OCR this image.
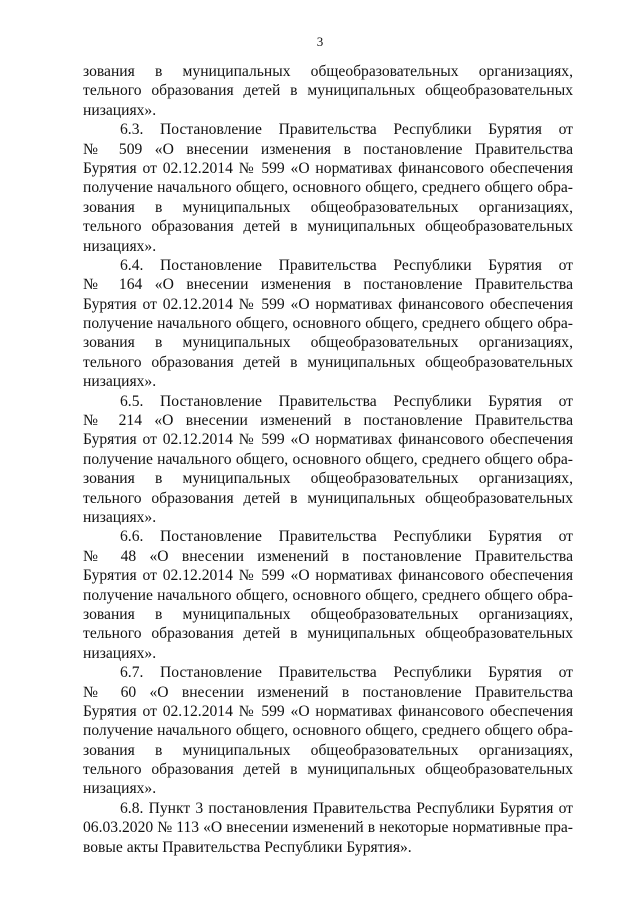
3
зования в муниципальных общеобразовательных организациях,
тельного образования детей в муниципальных общеобразовательных
низациях».
6.3. Постановление Правительства Республики Бурятия от
№ 509 «О внесении изменения в постановление Правительства
Бурятия от 02.12.2014 № 599 «О нормативах финансового обеспечения
получение начального общего, основного общего, среднего общего обра-
зования в муниципальных общеобразовательных организациях,
тельного образования детей в муниципальных общеобразовательных
низациях».
6.4. Постановление Правительства Республики Бурятия от
№ 164 «О внесении изменения в постановление Правительства
Бурятия от 02.12.2014 № 599 «О нормативах финансового обеспечения
получение начального общего, основного общего, среднего общего обра-
зования в муниципальных общеобразовательных организациях,
тельного образования детей в муниципальных общеобразовательных
низациях».
6.5. Постановление Правительства Республики Бурятия от
№ 214 «О внесении изменений в постановление Правительства
Бурятия от 02.12.2014 № 599 «О нормативах финансового обеспечения
получение начального общего, основного общего, среднего общего обра-
зования в муниципальных общеобразовательных организациях,
тельного образования детей в муниципальных общеобразовательных
низациях».
6.6. Постановление Правительства Республики Бурятия от
№ 48 «О внесении изменений в постановление Правительства
Бурятия от 02.12.2014 № 599 «О нормативах финансового обеспечения
получение начального общего, основного общего, среднего общего обра-
зования в муниципальных общеобразовательных организациях,
тельного образования детей в муниципальных общеобразовательных
низациях».
6.7. Постановление Правительства Республики Бурятия от
№ 60 «О внесении изменений в постановление Правительства
Бурятия от 02.12.2014 № 599 «О нормативах финансового обеспечения
получение начального общего, основного общего, среднего общего обра-
зования в муниципальных общеобразовательных организациях,
тельного образования детей в муниципальных общеобразовательных
низациях».
6.8. Пункт 3 постановления Правительства Республики Бурятия от
06.03.2020 № 113 «О внесении изменений в некоторые нормативные пра-
вовые акты Правительства Республики Бурятия».
